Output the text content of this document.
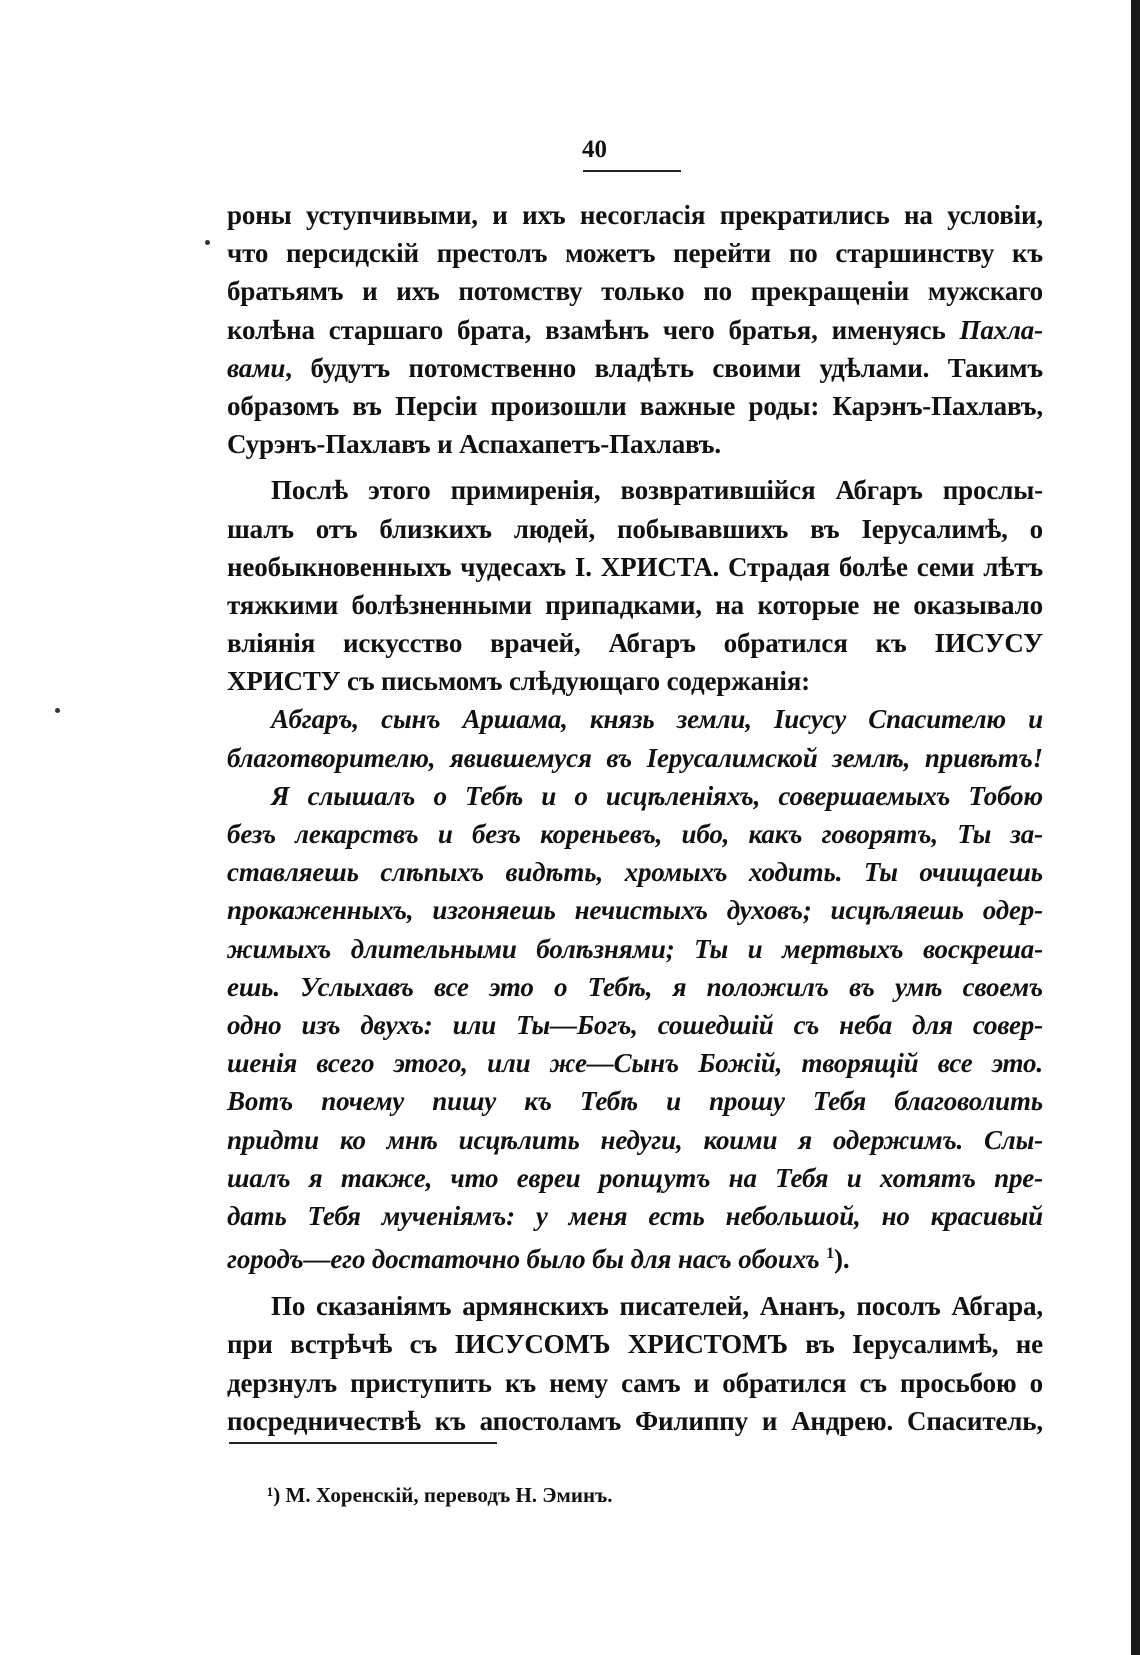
40
роны уступчивыми, и ихъ несогласія прекратились на условіи,
что персидскій престолъ можетъ перейти по старшинству къ
братьямъ и ихъ потомству только по прекращеніи мужскаго
колѣна старшаго брата, взамѣнъ чего братья, именуясь Пахла-
вами, будутъ потомственно владѣть своими удѣлами. Такимъ
образомъ въ Персіи произошли важные роды: Карэнъ-Пахлавъ,
Сурэнъ-Пахлавъ и Аспахапетъ-Пахлавъ.
Послѣ этого примиренія, возвратившійся Абгаръ прослы-
шалъ отъ близкихъ людей, побывавшихъ въ Іерусалимѣ, о
необыкновенныхъ чудесахъ І. ХРИСТА. Страдая болѣе семи лѣтъ
тяжкими болѣзненными припадками, на которые не оказывало
вліянія искусство врачей, Абгаръ обратился къ ІИСУСУ
ХРИСТУ съ письмомъ слѣдующаго содержанія:
Абгаръ, сынъ Аршама, князь земли, Іисусу Спасителю и
благотворителю, явившемуся въ Іерусалимской землѣ, привѣтъ!
Я слышалъ о Тебѣ и о исцѣленіяхъ, совершаемыхъ Тобою
безъ лекарствъ и безъ кореньевъ, ибо, какъ говорятъ, Ты за-
ставляешь слѣпыхъ видѣть, хромыхъ ходить. Ты очищаешь
прокаженныхъ, изгоняешь нечистыхъ духовъ; исцѣляешь одер-
жимыхъ длительными болѣзнями; Ты и мертвыхъ воскреша-
ешь. Услыхавъ все это о Тебѣ, я положилъ въ умѣ своемъ
одно изъ двухъ: или Ты—Богъ, сошедшій съ неба для совер-
шенія всего этого, или же—Сынъ Божій, творящій все это.
Вотъ почему пишу къ Тебѣ и прошу Тебя благоволить
придти ко мнѣ исцѣлить недуги, коими я одержимъ. Слы-
шалъ я также, что евреи ропщутъ на Тебя и хотятъ пре-
дать Тебя мученіямъ: у меня есть небольшой, но красивый
городъ—его достаточно было бы для насъ обоихъ $^1$).
По сказаніямъ армянскихъ писателей, Ананъ, посолъ Абгара,
при встрѣчѣ съ ІИСУСОМЪ ХРИСТОМЪ въ Іерусалимѣ, не
дерзнулъ приступить къ нему самъ и обратился съ просьбою о
посредничествѣ къ апостоламъ Филиппу и Андрею. Спаситель,
¹) М. Хоренскій, переводъ Н. Эминъ.
